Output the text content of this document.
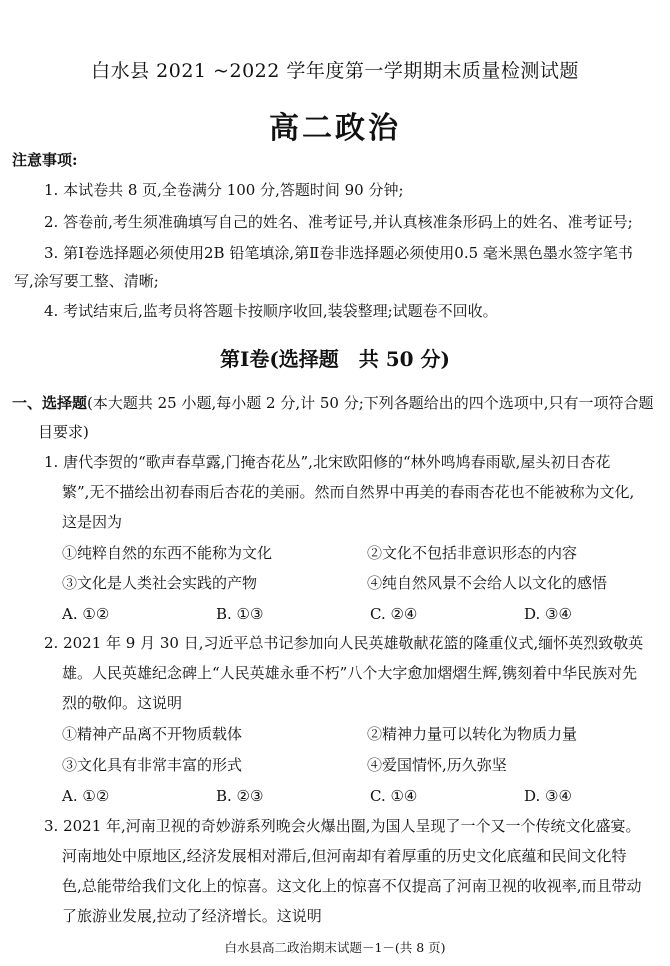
白水县 2021 ~2022 学年度第一学期期末质量检测试题
高二政治
注意事项:
1. 本试卷共 8 页,全卷满分 100 分,答题时间 90 分钟;
2. 答卷前,考生须准确填写自己的姓名、准考证号,并认真核准条形码上的姓名、准考证号;
3. 第Ⅰ卷选择题必须使用2B 铅笔填涂,第Ⅱ卷非选择题必须使用0.5 毫米黑色墨水签字笔书
写,涂写要工整、清晰;
4. 考试结束后,监考员将答题卡按顺序收回,装袋整理;试题卷不回收。
第Ⅰ卷(选择题　共 50 分)
一、选择题(本大题共 25 小题,每小题 2 分,计 50 分;下列各题给出的四个选项中,只有一项符合题
目要求)
1. 唐代李贺的“歌声春草露,门掩杏花丛”,北宋欧阳修的“林外鸣鸠春雨歇,屋头初日杏花
繁”,无不描绘出初春雨后杏花的美丽。然而自然界中再美的春雨杏花也不能被称为文化,
这是因为
①纯粹自然的东西不能称为文化	②文化不包括非意识形态的内容
③文化是人类社会实践的产物	④纯自然风景不会给人以文化的感悟
A. ①②	B. ①③	C. ②④	D. ③④
2. 2021 年 9 月 30 日,习近平总书记参加向人民英雄敬献花篮的隆重仪式,缅怀英烈致敬英
雄。人民英雄纪念碑上“人民英雄永垂不朽”八个大字愈加熠熠生辉,镌刻着中华民族对先
烈的敬仰。这说明
①精神产品离不开物质载体	②精神力量可以转化为物质力量
③文化具有非常丰富的形式	④爱国情怀,历久弥坚
A. ①②	B. ②③	C. ①④	D. ③④
3. 2021 年,河南卫视的奇妙游系列晚会火爆出圈,为国人呈现了一个又一个传统文化盛宴。
河南地处中原地区,经济发展相对滞后,但河南却有着厚重的历史文化底蕴和民间文化特
色,总能带给我们文化上的惊喜。这文化上的惊喜不仅提高了河南卫视的收视率,而且带动
了旅游业发展,拉动了经济增长。这说明
白水县高二政治期末试题－1－(共 8 页)
